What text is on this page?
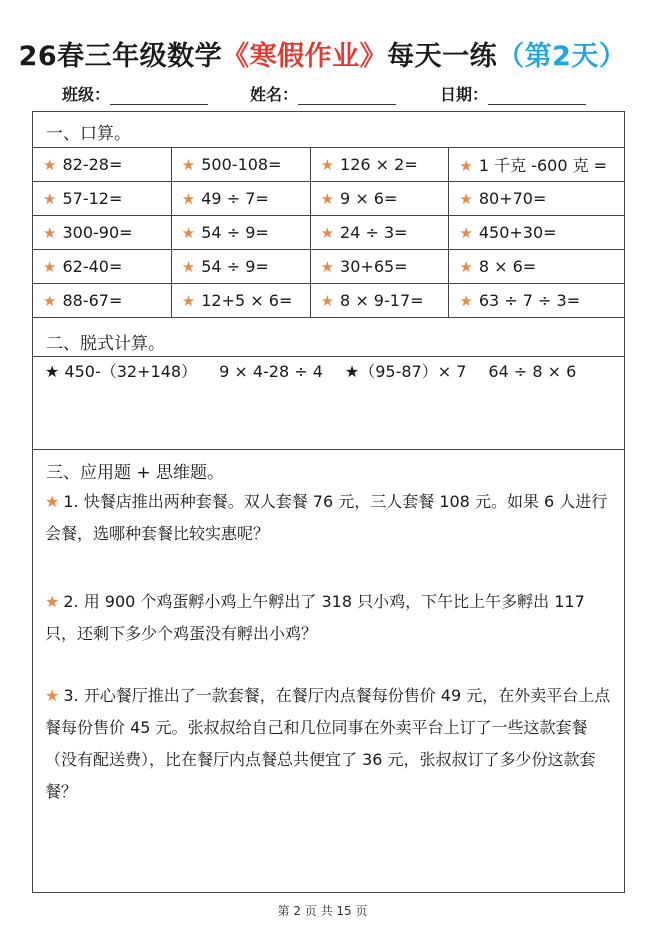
26春三年级数学《寒假作业》每天一练（第2天）
班级：	姓名：	日期：
一、口算。
★ 82-28=	★ 500-108=	★ 126 × 2=	★ 1 千克 -600 克 =
★ 57-12=	★ 49 ÷ 7=	★ 9 × 6=	★ 80+70=
★ 300-90=	★ 54 ÷ 9=	★ 24 ÷ 3=	★ 450+30=
★ 62-40=	★ 54 ÷ 9=	★ 30+65=	★ 8 × 6=
★ 88-67=	★ 12+5 × 6=	★ 8 × 9-17=	★ 63 ÷ 7 ÷ 3=
二、脱式计算。
★ 450-（32+148） 9 × 4-28 ÷ 4 ★（95-87）× 7 64 ÷ 8 × 6
三、应用题 + 思维题。
★ 1. 快餐店推出两种套餐。双人套餐 76 元，三人套餐 108 元。如果 6 人进行会餐，选哪种套餐比较实惠呢？
★ 2. 用 900 个鸡蛋孵小鸡上午孵出了 318 只小鸡，下午比上午多孵出 117 只，还剩下多少个鸡蛋没有孵出小鸡？
★ 3. 开心餐厅推出了一款套餐，在餐厅内点餐每份售价 49 元，在外卖平台上点餐每份售价 45 元。张叔叔给自己和几位同事在外卖平台上订了一些这款套餐（没有配送费），比在餐厅内点餐总共便宜了 36 元，张叔叔订了多少份这款套餐？
第 2 页 共 15 页
